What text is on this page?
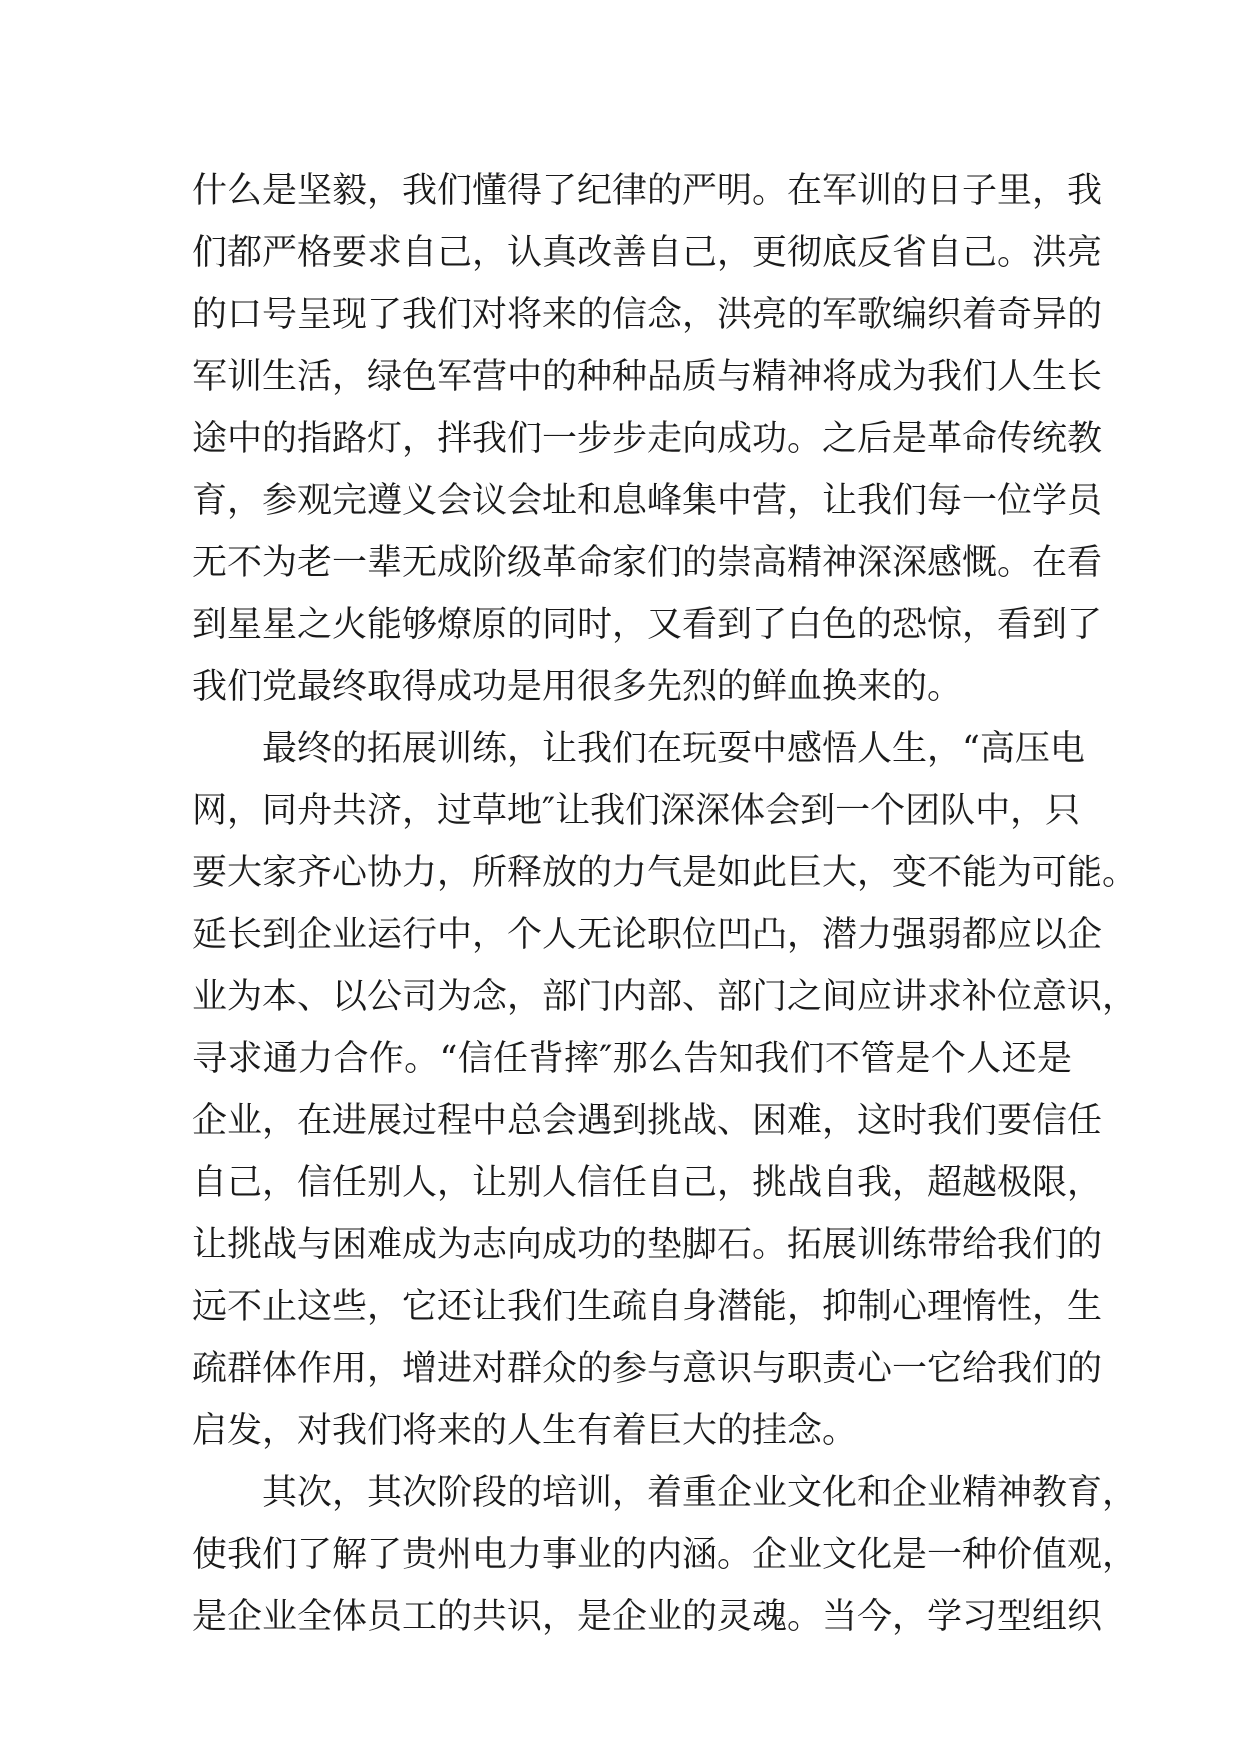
什么是坚毅，我们懂得了纪律的严明。在军训的日子里，我
们都严格要求自己，认真改善自己，更彻底反省自己。洪亮
的口号呈现了我们对将来的信念，洪亮的军歌编织着奇异的
军训生活，绿色军营中的种种品质与精神将成为我们人生长
途中的指路灯，拌我们一步步走向成功。之后是革命传统教
育，参观完遵义会议会址和息峰集中营，让我们每一位学员
无不为老一辈无成阶级革命家们的崇高精神深深感慨。在看
到星星之火能够燎原的同时，又看到了白色的恐惊，看到了
我们党最终取得成功是用很多先烈的鲜血换来的。
最终的拓展训练，让我们在玩耍中感悟人生，“高压电
网，同舟共济，过草地″让我们深深体会到一个团队中，只
要大家齐心协力，所释放的力气是如此巨大，变不能为可能。
延长到企业运行中，个人无论职位凹凸，潜力强弱都应以企
业为本、以公司为念，部门内部、部门之间应讲求补位意识，
寻求通力合作。“信任背摔″那么告知我们不管是个人还是
企业，在进展过程中总会遇到挑战、困难，这时我们要信任
自己，信任别人，让别人信任自己，挑战自我，超越极限，
让挑战与困难成为志向成功的垫脚石。拓展训练带给我们的
远不止这些，它还让我们生疏自身潜能，抑制心理惰性，生
疏群体作用，增进对群众的参与意识与职责心一它给我们的
启发，对我们将来的人生有着巨大的挂念。
其次，其次阶段的培训，着重企业文化和企业精神教育，
使我们了解了贵州电力事业的内涵。企业文化是一种价值观，
是企业全体员工的共识，是企业的灵魂。当今，学习型组织
